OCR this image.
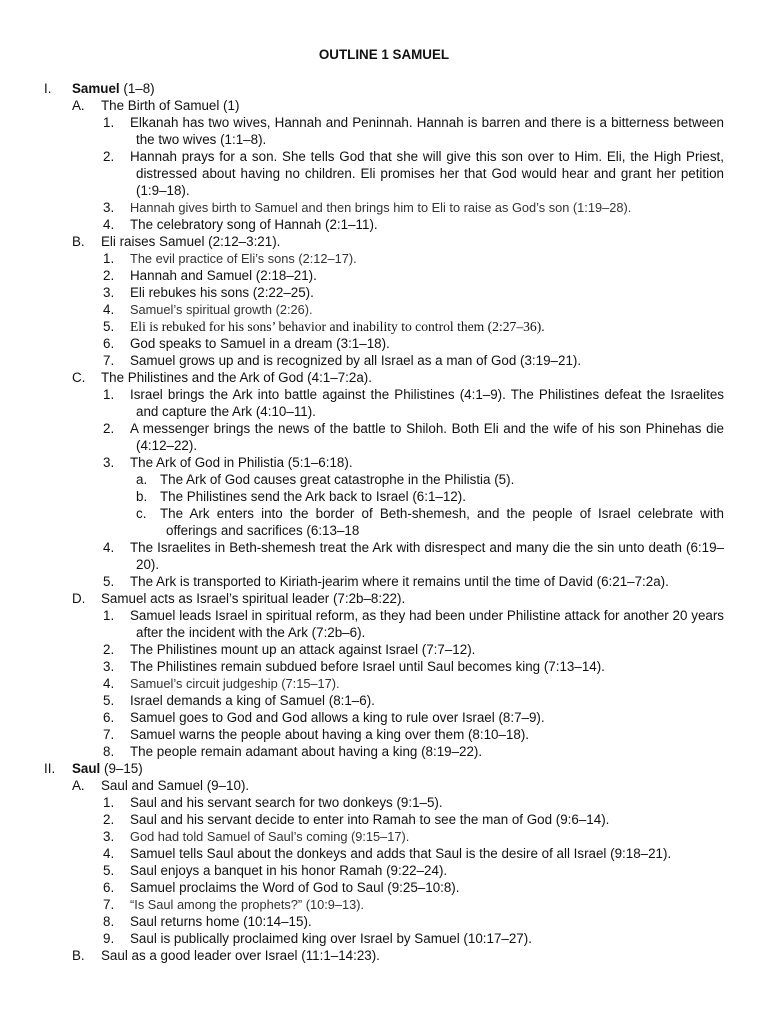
OUTLINE 1 SAMUEL
I. Samuel (1–8)
A. The Birth of Samuel (1)
1. Elkanah has two wives, Hannah and Peninnah. Hannah is barren and there is a bitterness between the two wives (1:1–8).
2. Hannah prays for a son. She tells God that she will give this son over to Him. Eli, the High Priest, distressed about having no children. Eli promises her that God would hear and grant her petition (1:9–18).
3. Hannah gives birth to Samuel and then brings him to Eli to raise as God’s son (1:19–28).
4. The celebratory song of Hannah (2:1–11).
B. Eli raises Samuel (2:12–3:21).
1. The evil practice of Eli’s sons (2:12–17).
2. Hannah and Samuel (2:18–21).
3. Eli rebukes his sons (2:22–25).
4. Samuel’s spiritual growth (2:26).
5. Eli is rebuked for his sons’ behavior and inability to control them (2:27–36).
6. God speaks to Samuel in a dream (3:1–18).
7. Samuel grows up and is recognized by all Israel as a man of God (3:19–21).
C. The Philistines and the Ark of God (4:1–7:2a).
1. Israel brings the Ark into battle against the Philistines (4:1–9). The Philistines defeat the Israelites and capture the Ark (4:10–11).
2. A messenger brings the news of the battle to Shiloh. Both Eli and the wife of his son Phinehas die (4:12–22).
3. The Ark of God in Philistia (5:1–6:18).
a. The Ark of God causes great catastrophe in the Philistia (5).
b. The Philistines send the Ark back to Israel (6:1–12).
c. The Ark enters into the border of Beth-shemesh, and the people of Israel celebrate with offerings and sacrifices (6:13–18
4. The Israelites in Beth-shemesh treat the Ark with disrespect and many die the sin unto death (6:19–20).
5. The Ark is transported to Kiriath-jearim where it remains until the time of David (6:21–7:2a).
D. Samuel acts as Israel’s spiritual leader (7:2b–8:22).
1. Samuel leads Israel in spiritual reform, as they had been under Philistine attack for another 20 years after the incident with the Ark (7:2b–6).
2. The Philistines mount up an attack against Israel (7:7–12).
3. The Philistines remain subdued before Israel until Saul becomes king (7:13–14).
4. Samuel’s circuit judgeship (7:15–17).
5. Israel demands a king of Samuel (8:1–6).
6. Samuel goes to God and God allows a king to rule over Israel (8:7–9).
7. Samuel warns the people about having a king over them (8:10–18).
8. The people remain adamant about having a king (8:19–22).
II. Saul (9–15)
A. Saul and Samuel (9–10).
1. Saul and his servant search for two donkeys (9:1–5).
2. Saul and his servant decide to enter into Ramah to see the man of God (9:6–14).
3. God had told Samuel of Saul’s coming (9:15–17).
4. Samuel tells Saul about the donkeys and adds that Saul is the desire of all Israel (9:18–21).
5. Saul enjoys a banquet in his honor Ramah (9:22–24).
6. Samuel proclaims the Word of God to Saul (9:25–10:8).
7. “Is Saul among the prophets?” (10:9–13).
8. Saul returns home (10:14–15).
9. Saul is publically proclaimed king over Israel by Samuel (10:17–27).
B. Saul as a good leader over Israel (11:1–14:23).
